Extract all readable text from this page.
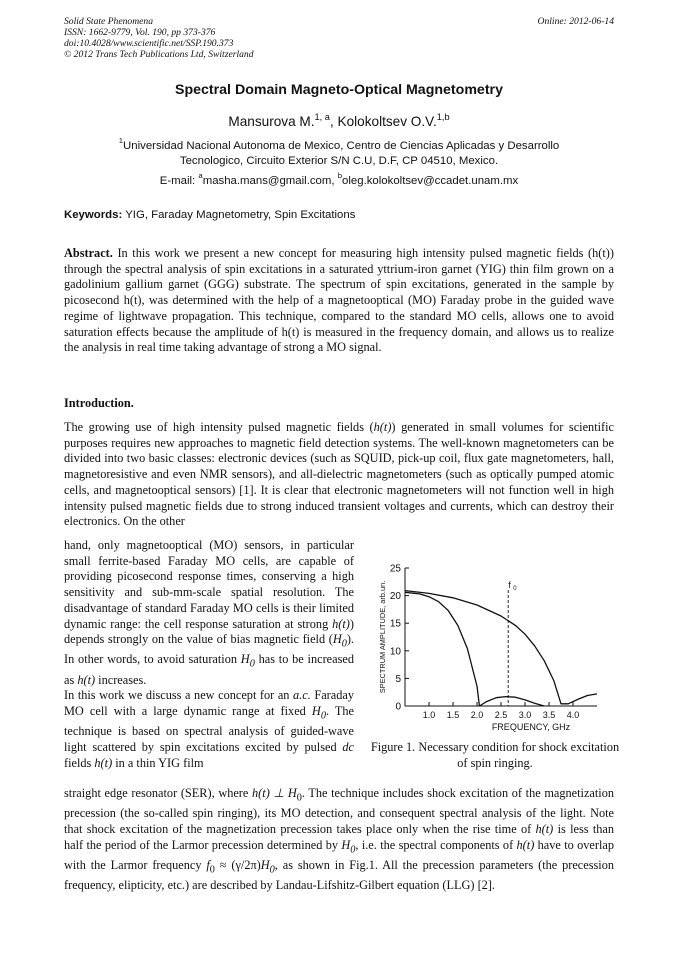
Solid State Phenomena
ISSN: 1662-9779, Vol. 190, pp 373-376
doi:10.4028/www.scientific.net/SSP.190.373
© 2012 Trans Tech Publications Ltd, Switzerland
Online: 2012-06-14
Spectral Domain Magneto-Optical Magnetometry
Mansurova M.$^{1, a}$, Kolokoltsev O.V.$^{1,b}$
$^1$Universidad Nacional Autonoma de Mexico, Centro de Ciencias Aplicadas y Desarrollo
Tecnologico, Circuito Exterior S/N C.U, D.F, CP 04510, Mexico.
E-mail: $^a$masha.mans@gmail.com, $^b$oleg.kolokoltsev@ccadet.unam.mx
Keywords: YIG, Faraday Magnetometry, Spin Excitations
Abstract. In this work we present a new concept for measuring high intensity pulsed magnetic fields (h(t)) through the spectral analysis of spin excitations in a saturated yttrium-iron garnet (YIG) thin film grown on a gadolinium gallium garnet (GGG) substrate. The spectrum of spin excitations, generated in the sample by picosecond h(t), was determined with the help of a magnetooptical (MO) Faraday probe in the guided wave regime of lightwave propagation. This technique, compared to the standard MO cells, allows one to avoid saturation effects because the amplitude of h(t) is measured in the frequency domain, and allows us to realize the analysis in real time taking advantage of strong a MO signal.
Introduction.
The growing use of high intensity pulsed magnetic fields (h(t)) generated in small volumes for scientific purposes requires new approaches to magnetic field detection systems. The well-known magnetometers can be divided into two basic classes: electronic devices (such as SQUID, pick-up coil, flux gate magnetometers, hall, magnetoresistive and even NMR sensors), and all-dielectric magnetometers (such as optically pumped atomic cells, and magnetooptical sensors) [1]. It is clear that electronic magnetometers will not function well in high intensity pulsed magnetic fields due to strong induced transient voltages and currents, which can destroy their electronics. On the other
hand, only magnetooptical (MO) sensors, in particular small ferrite-based Faraday MO cells, are capable of providing picosecond response times, conserving a high sensitivity and sub-mm-scale spatial resolution. The disadvantage of standard Faraday MO cells is their limited dynamic range: the cell response saturation at strong h(t)) depends strongly on the value of bias magnetic field $(H_0)$. In other words, to avoid saturation $H_0$ has to be increased as h(t) increases.
In this work we discuss a new concept for an a.c. Faraday MO cell with a large dynamic range at fixed $H_0$. The technique is based on spectral analysis of guided-wave light scattered by spin excitations excited by pulsed dc fields h(t) in a thin YIG film
0
5
10
15
20
25
1.0 1.5 2.0 2.5 3.0 3.5 4.0
FREQUENCY, GHz
SPECTRUM AMPLITUDE, arb.un.	f 0
Figure 1. Necessary condition for shock excitation of spin ringing.
straight edge resonator (SER), where h(t) ⊥ $H_0$. The technique includes shock excitation of the magnetization precession (the so-called spin ringing), its MO detection, and consequent spectral analysis of the light. Note that shock excitation of the magnetization precession takes place only when the rise time of h(t) is less than half the period of the Larmor precession determined by $H_0$, i.e. the spectral components of h(t) have to overlap with the Larmor frequency $f_0 \approx (\gamma/2\pi)H_0$, as shown in Fig.1. All the precession parameters (the precession frequency, elipticity, etc.) are described by Landau-Lifshitz-Gilbert equation (LLG) [2].
